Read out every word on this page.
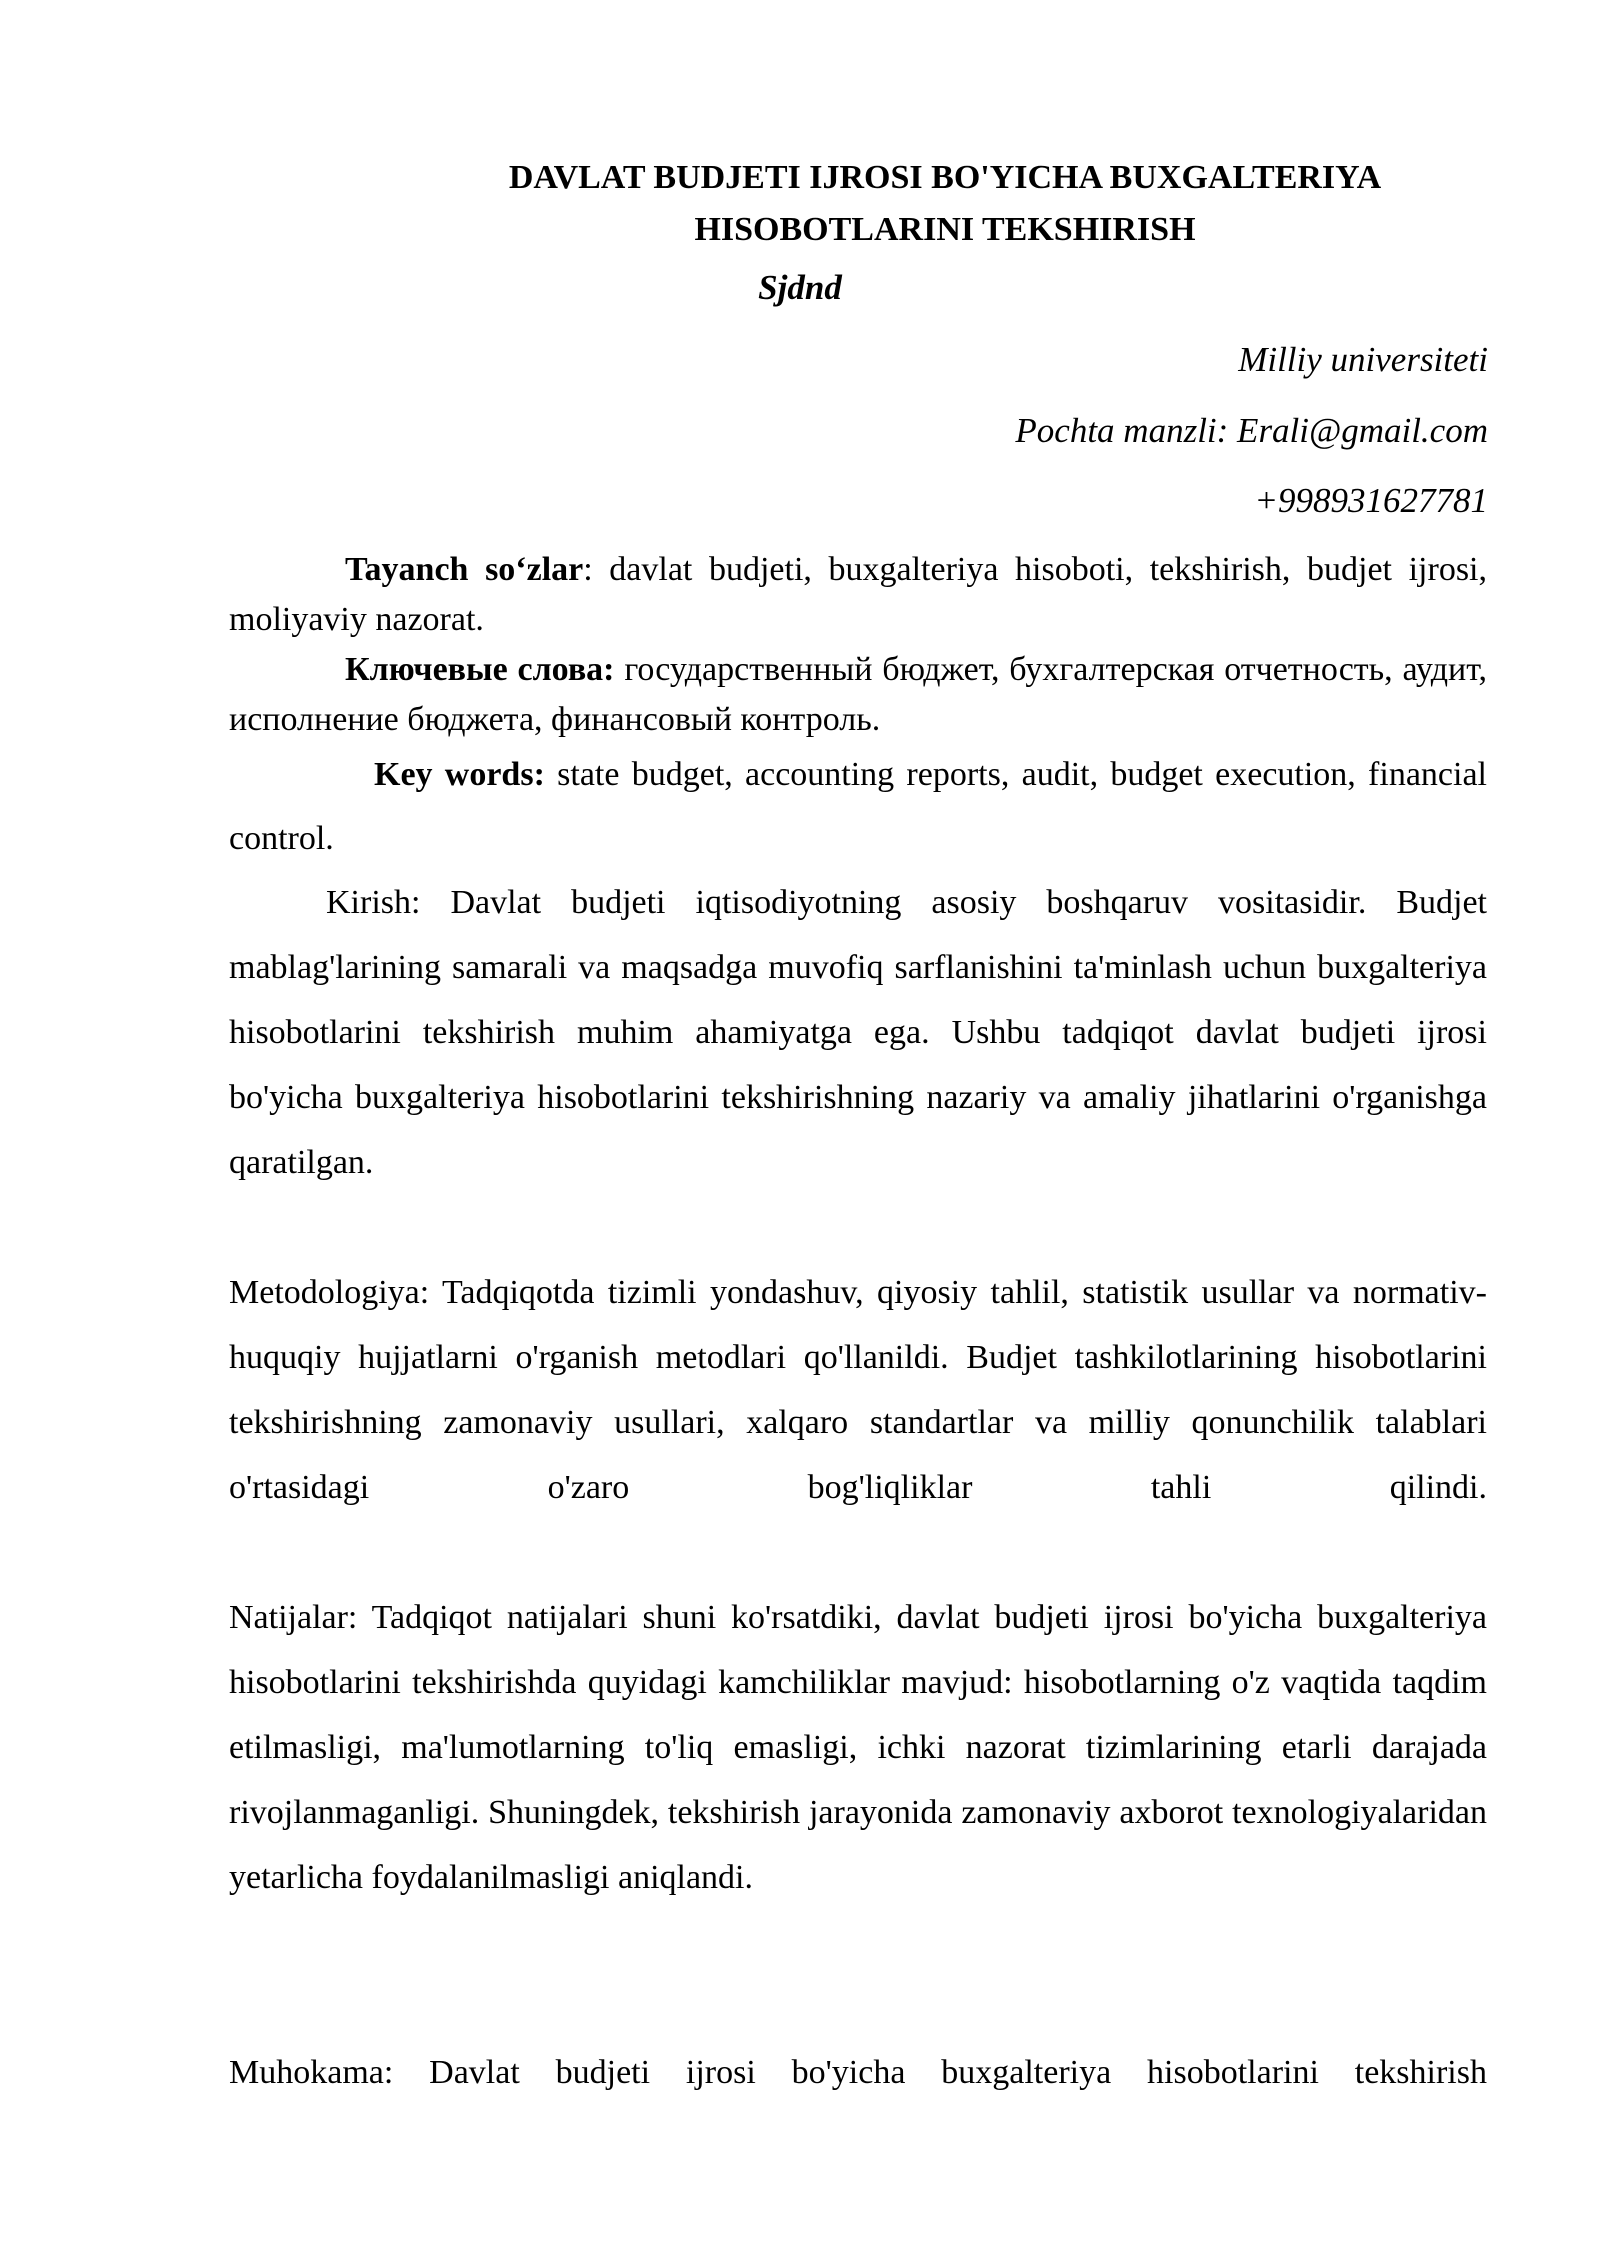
DAVLAT BUDJETI IJROSI BO'YICHA BUXGALTERIYA
HISOBOTLARINI TEKSHIRISH
Sjdnd
Milliy universiteti
Pochta manzli: Erali@gmail.com
+998931627781

Tayanch so‘zlar: davlat budjeti, buxgalteriya hisoboti, tekshirish, budjet ijrosi, moliyaviy nazorat.

Ключевые слова: государственный бюджет, бухгалтерская отчетность, аудит, исполнение бюджета, финансовый контроль.

Key words: state budget, accounting reports, audit, budget execution, financial control.

Kirish: Davlat budjeti iqtisodiyotning asosiy boshqaruv vositasidir. Budjet mablag'larining samarali va maqsadga muvofiq sarflanishini ta'minlash uchun buxgalteriya hisobotlarini tekshirish muhim ahamiyatga ega. Ushbu tadqiqot davlat budjeti ijrosi bo'yicha buxgalteriya hisobotlarini tekshirishning nazariy va amaliy jihatlarini o'rganishga qaratilgan.

Metodologiya: Tadqiqotda tizimli yondashuv, qiyosiy tahlil, statistik usullar va normativ-huquqiy hujjatlarni o'rganish metodlari qo'llanildi. Budjet tashkilotlarining hisobotlarini tekshirishning zamonaviy usullari, xalqaro standartlar va milliy qonunchilik talablari o'rtasidagi o'zaro bog'liqliklar tahli qilindi.

Natijalar: Tadqiqot natijalari shuni ko'rsatdiki, davlat budjeti ijrosi bo'yicha buxgalteriya hisobotlarini tekshirishda quyidagi kamchiliklar mavjud: hisobotlarning o'z vaqtida taqdim etilmasligi, ma'lumotlarning to'liq emasligi, ichki nazorat tizimlarining etarli darajada rivojlanmaganligi. Shuningdek, tekshirish jarayonida zamonaviy axborot texnologiyalaridan yetarlicha foydalanilmasligi aniqlandi.

Muhokama: Davlat budjeti ijrosi bo'yicha buxgalteriya hisobotlarini tekshirish
